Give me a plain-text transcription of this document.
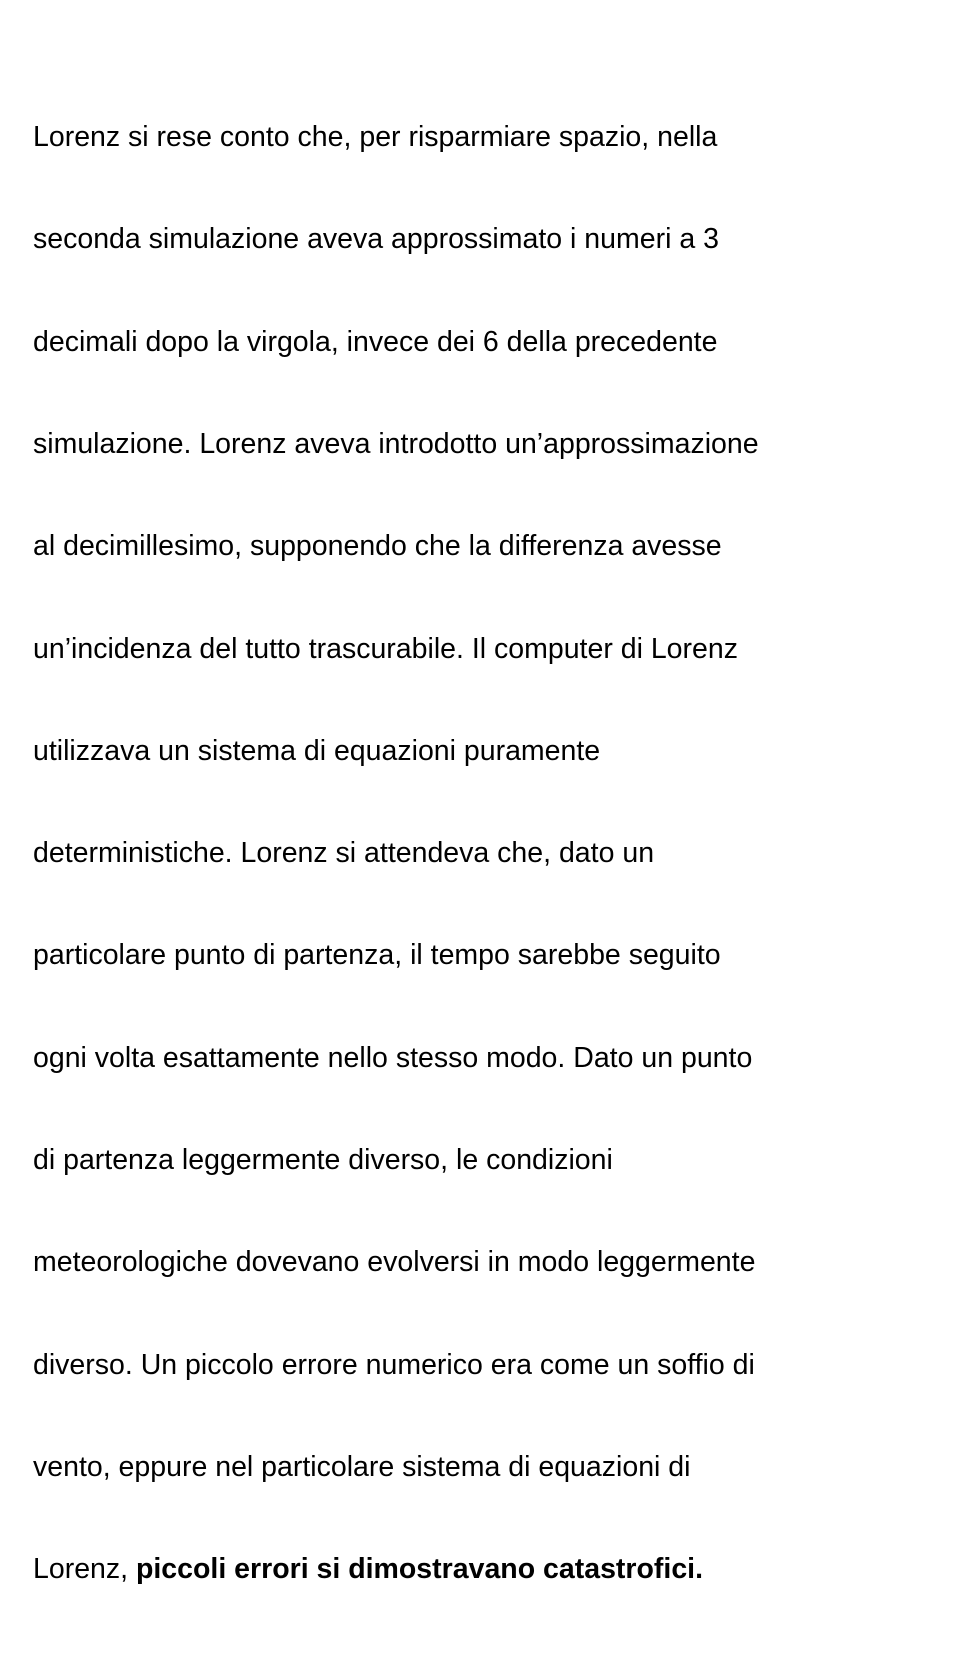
Lorenz si rese conto che, per risparmiare spazio, nella

seconda simulazione aveva approssimato i numeri a 3

decimali dopo la virgola, invece dei 6 della precedente

simulazione. Lorenz aveva introdotto un’approssimazione

al decimillesimo, supponendo che la differenza avesse

un’incidenza del tutto trascurabile. Il computer di Lorenz

utilizzava un sistema di equazioni puramente

deterministiche. Lorenz si attendeva che, dato un

particolare punto di partenza, il tempo sarebbe seguito

ogni volta esattamente nello stesso modo. Dato un punto

di partenza leggermente diverso, le condizioni

meteorologiche dovevano evolversi in modo leggermente

diverso. Un piccolo errore numerico era come un soffio di

vento, eppure nel particolare sistema di equazioni di

Lorenz, piccoli errori si dimostravano catastrofici.
